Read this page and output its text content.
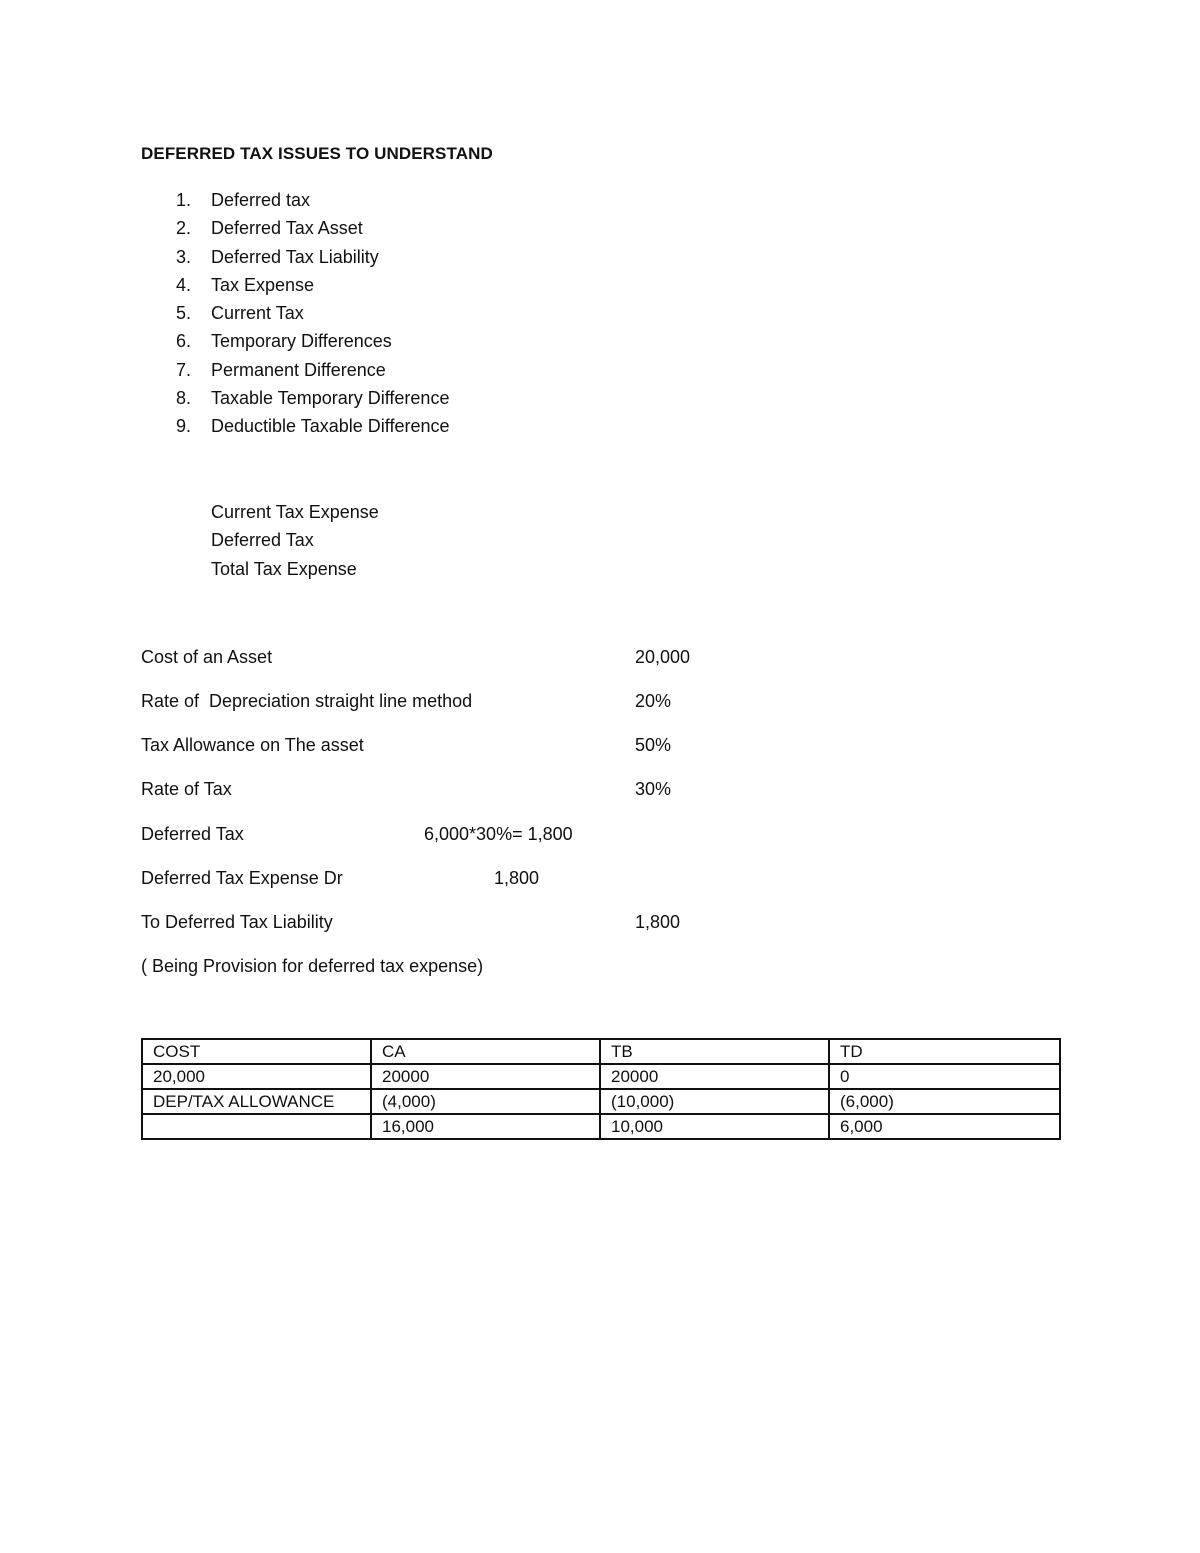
DEFERRED TAX ISSUES TO UNDERSTAND
1. Deferred tax
2. Deferred Tax Asset
3. Deferred Tax Liability
4. Tax Expense
5. Current Tax
6. Temporary Differences
7. Permanent Difference
8. Taxable Temporary Difference
9. Deductible Taxable Difference
Current Tax Expense
Deferred Tax
Total Tax Expense
Cost of an Asset	20,000
Rate of  Depreciation straight line method	20%
Tax Allowance on The asset	50%
Rate of Tax	30%
Deferred Tax	6,000*30%= 1,800
Deferred Tax Expense Dr	1,800
To Deferred Tax Liability	1,800
( Being Provision for deferred tax expense)
COST	CA	TB	TD
20,000	20000	20000	0
DEP/TAX ALLOWANCE	(4,000)	(10,000)	(6,000)
	16,000	10,000	6,000
